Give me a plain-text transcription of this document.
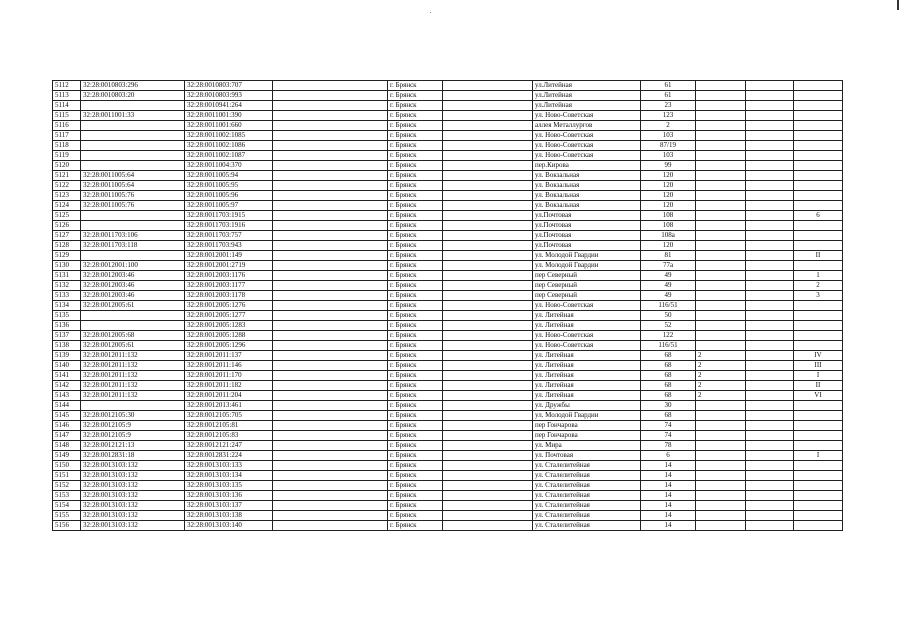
5112	32:28:0010803:296	32:28:0010803:707		г. Брянск		ул.Литейная	61			
5113	32:28:0010803:20	32:28:0010803:993		г. Брянск		ул.Литейная	61			
5114		32:28:0010941:264		г. Брянск		ул.Литейная	23			
5115	32:28:0011001:33	32:28:0011001:390		г. Брянск		ул. Ново-Советская	123			
5116		32:28:0011001:660		г. Брянск		аллея Металлургов	2			
5117		32:28:0011002:1085		г. Брянск		ул. Ново-Советская	103			
5118		32:28:0011002:1086		г. Брянск		ул. Ново-Советская	87/19			
5119		32:28:0011002:1087		г. Брянск		ул. Ново-Советская	103			
5120		32:28:0011004:370		г. Брянск		пер.Кирова	99			
5121	32:28:0011005:64	32:28:0011005:94		г. Брянск		ул. Вокзальная	120			
5122	32:28:0011005:64	32:28:0011005:95		г. Брянск		ул. Вокзальная	120			
5123	32:28:0011005:76	32:28:0011005:96		г. Брянск		ул. Вокзальная	120			
5124	32:28:0011005:76	32:28:0011005:97		г. Брянск		ул. Вокзальная	120			
5125		32:28:0011703:1915		г. Брянск		ул.Почтовая	108			6
5126		32:28:0011703:1916		г. Брянск		ул.Почтовая	108			
5127	32:28:0011703:106	32:28:0011703:757		г. Брянск		ул.Почтовая	108а			
5128	32:28:0011703:118	32:28:0011703:943		г. Брянск		ул.Почтовая	120			
5129		32:28:0012001:149		г. Брянск		ул. Молодой Гвардии	81			II
5130	32:28:0012001:100	32:28:0012001:2719		г. Брянск		ул. Молодой Гвардии	77а			
5131	32:28:0012003:46	32:28:0012003:1176		г. Брянск		пер Северный	49			1
5132	32:28:0012003:46	32:28:0012003:1177		г. Брянск		пер Северный	49			2
5133	32:28:0012003:46	32:28:0012003:1178		г. Брянск		пер Северный	49			3
5134	32:28:0012005:61	32:28:0012005:1276		г. Брянск		ул. Ново-Советская	116/51			
5135		32:28:0012005:1277		г. Брянск		ул. Литейная	50			
5136		32:28:0012005:1283		г. Брянск		ул. Литейная	52			
5137	32:28:0012005:68	32:28:0012005:1288		г. Брянск		ул. Ново-Советская	122			
5138	32:28:0012005:61	32:28:0012005:1296		г. Брянск		ул. Ново-Советская	116/51			
5139	32:28:0012011:132	32:28:0012011:137		г. Брянск		ул. Литейная	68	2		IV
5140	32:28:0012011:132	32:28:0012011:146		г. Брянск		ул. Литейная	68	2		III
5141	32:28:0012011:132	32:28:0012011:170		г. Брянск		ул. Литейная	68	2		I
5142	32:28:0012011:132	32:28:0012011:182		г. Брянск		ул. Литейная	68	2		II
5143	32:28:0012011:132	32:28:0012011:204		г. Брянск		ул. Литейная	68	2		VI
5144		32:28:0012013:461		г. Брянск		ул. Дружбы	30			
5145	32:28:0012105:30	32:28:0012105:705		г. Брянск		ул. Молодой Гвардии	68			
5146	32:28:0012105:9	32:28:0012105:81		г. Брянск		пер Гончарова	74			
5147	32:28:0012105:9	32:28:0012105:83		г. Брянск		пер Гончарова	74			
5148	32:28:0012121:13	32:28:0012121:247		г. Брянск		ул. Мира	78			
5149	32:28:0012831:18	32:28:0012831:224		г. Брянск		ул. Почтовая	6			I
5150	32:28:0013103:132	32:28:0013103:133		г. Брянск		ул. Сталелитейная	14			
5151	32:28:0013103:132	32:28:0013103:134		г. Брянск		ул. Сталелитейная	14			
5152	32:28:0013103:132	32:28:0013103:135		г. Брянск		ул. Сталелитейная	14			
5153	32:28:0013103:132	32:28:0013103:136		г. Брянск		ул. Сталелитейная	14			
5154	32:28:0013103:132	32:28:0013103:137		г. Брянск		ул. Сталелитейная	14			
5155	32:28:0013103:132	32:28:0013103:138		г. Брянск		ул. Сталелитейная	14			
5156	32:28:0013103:132	32:28:0013103:140		г. Брянск		ул. Сталелитейная	14			
